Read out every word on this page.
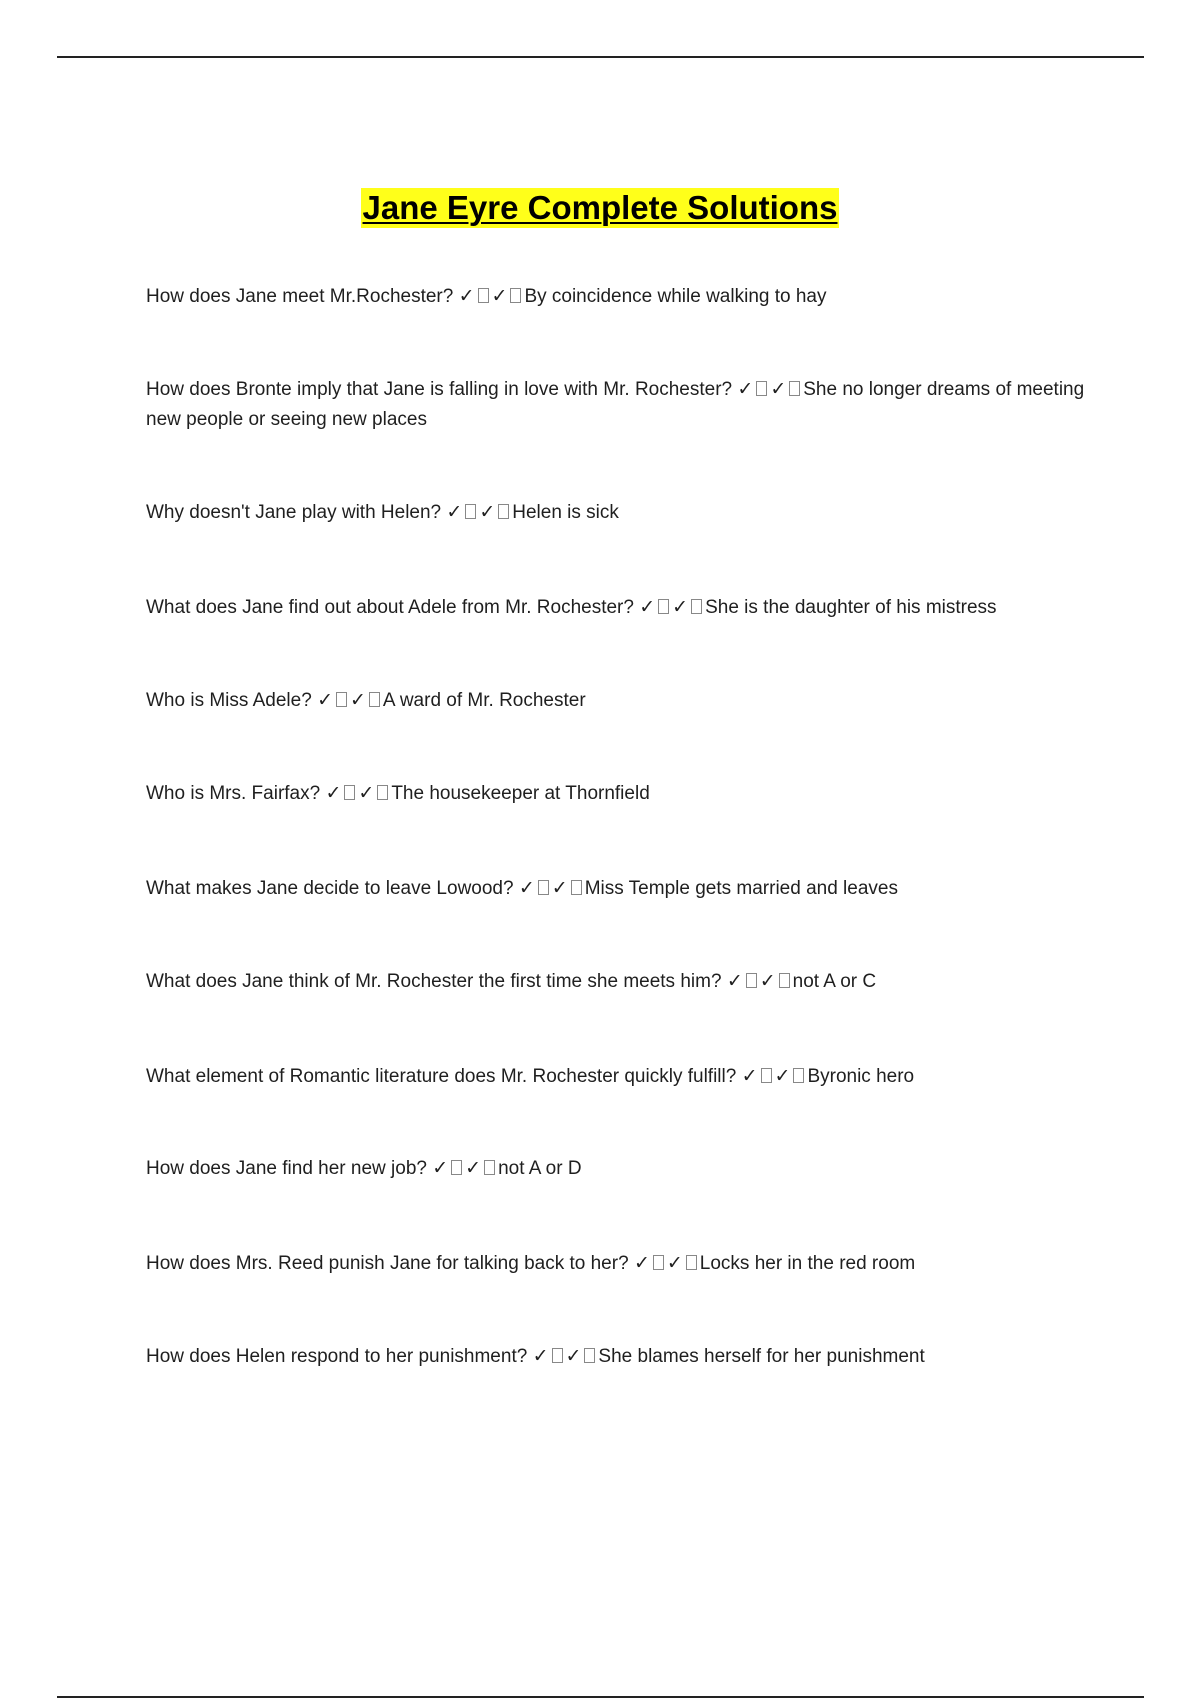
Jane Eyre Complete Solutions

How does Jane meet Mr.Rochester? ✓ ✓ By coincidence while walking to hay

How does Bronte imply that Jane is falling in love with Mr. Rochester? ✓ ✓ She no longer dreams of meeting new people or seeing new places

Why doesn't Jane play with Helen? ✓ ✓ Helen is sick

What does Jane find out about Adele from Mr. Rochester? ✓ ✓ She is the daughter of his mistress

Who is Miss Adele? ✓ ✓ A ward of Mr. Rochester

Who is Mrs. Fairfax? ✓ ✓ The housekeeper at Thornfield

What makes Jane decide to leave Lowood? ✓ ✓ Miss Temple gets married and leaves

What does Jane think of Mr. Rochester the first time she meets him? ✓ ✓ not A or C

What element of Romantic literature does Mr. Rochester quickly fulfill? ✓ ✓ Byronic hero

How does Jane find her new job? ✓ ✓ not A or D

How does Mrs. Reed punish Jane for talking back to her? ✓ ✓ Locks her in the red room

How does Helen respond to her punishment? ✓ ✓ She blames herself for her punishment
